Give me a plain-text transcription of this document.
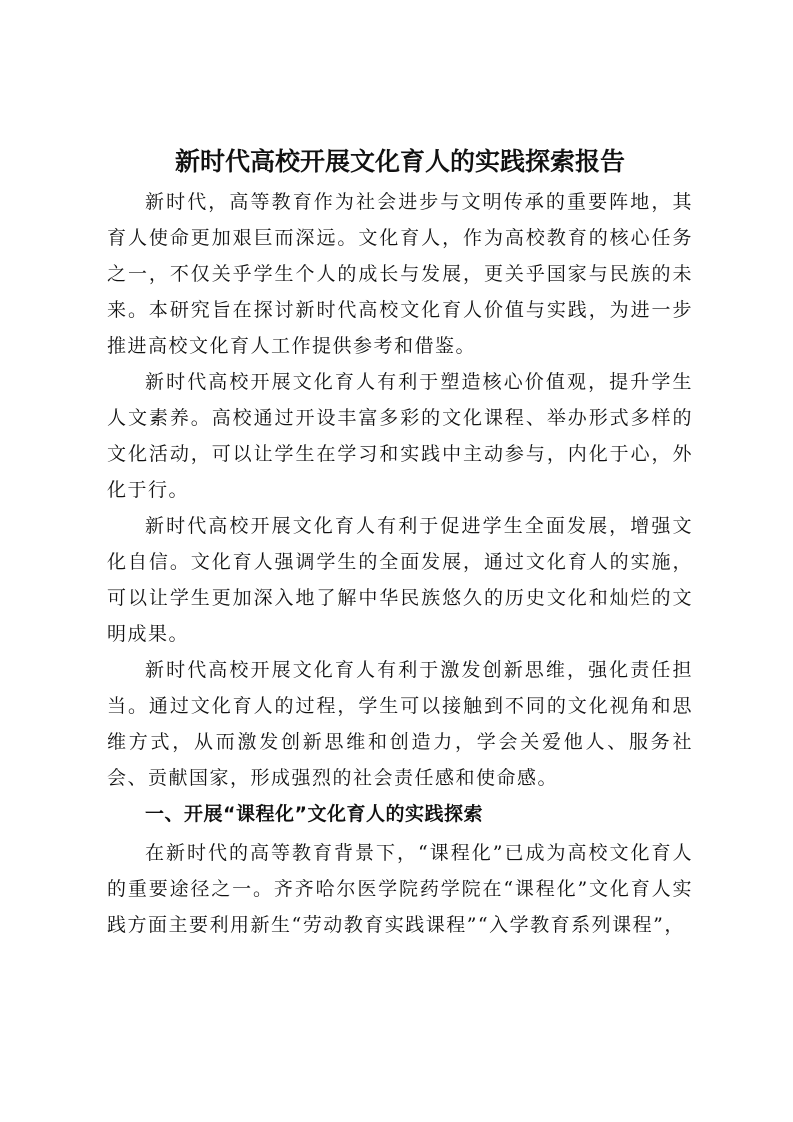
新时代高校开展文化育人的实践探索报告

新时代，高等教育作为社会进步与文明传承的重要阵地，其育人使命更加艰巨而深远。文化育人，作为高校教育的核心任务之一，不仅关乎学生个人的成长与发展，更关乎国家与民族的未来。本研究旨在探讨新时代高校文化育人价值与实践，为进一步推进高校文化育人工作提供参考和借鉴。

新时代高校开展文化育人有利于塑造核心价值观，提升学生人文素养。高校通过开设丰富多彩的文化课程、举办形式多样的文化活动，可以让学生在学习和实践中主动参与，内化于心，外化于行。

新时代高校开展文化育人有利于促进学生全面发展，增强文化自信。文化育人强调学生的全面发展，通过文化育人的实施，可以让学生更加深入地了解中华民族悠久的历史文化和灿烂的文明成果。

新时代高校开展文化育人有利于激发创新思维，强化责任担当。通过文化育人的过程，学生可以接触到不同的文化视角和思维方式，从而激发创新思维和创造力，学会关爱他人、服务社会、贡献国家，形成强烈的社会责任感和使命感。

一、开展“课程化”文化育人的实践探索

在新时代的高等教育背景下，“课程化”已成为高校文化育人的重要途径之一。齐齐哈尔医学院药学院在“课程化”文化育人实践方面主要利用新生“劳动教育实践课程”“入学教育系列课程”，
